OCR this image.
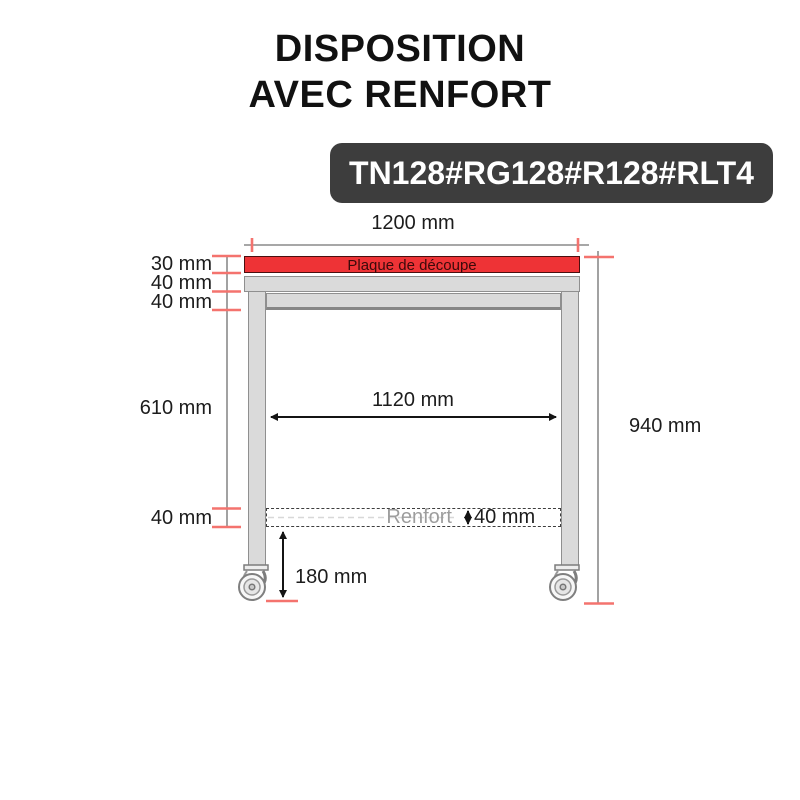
DISPOSITION
AVEC RENFORT
TN128#RG128#R128#RLT4
Plaque de découpe
1200 mm
30 mm
40 mm
40 mm
610 mm
40 mm
1120 mm
940 mm
Renfort 40 mm
180 mm
